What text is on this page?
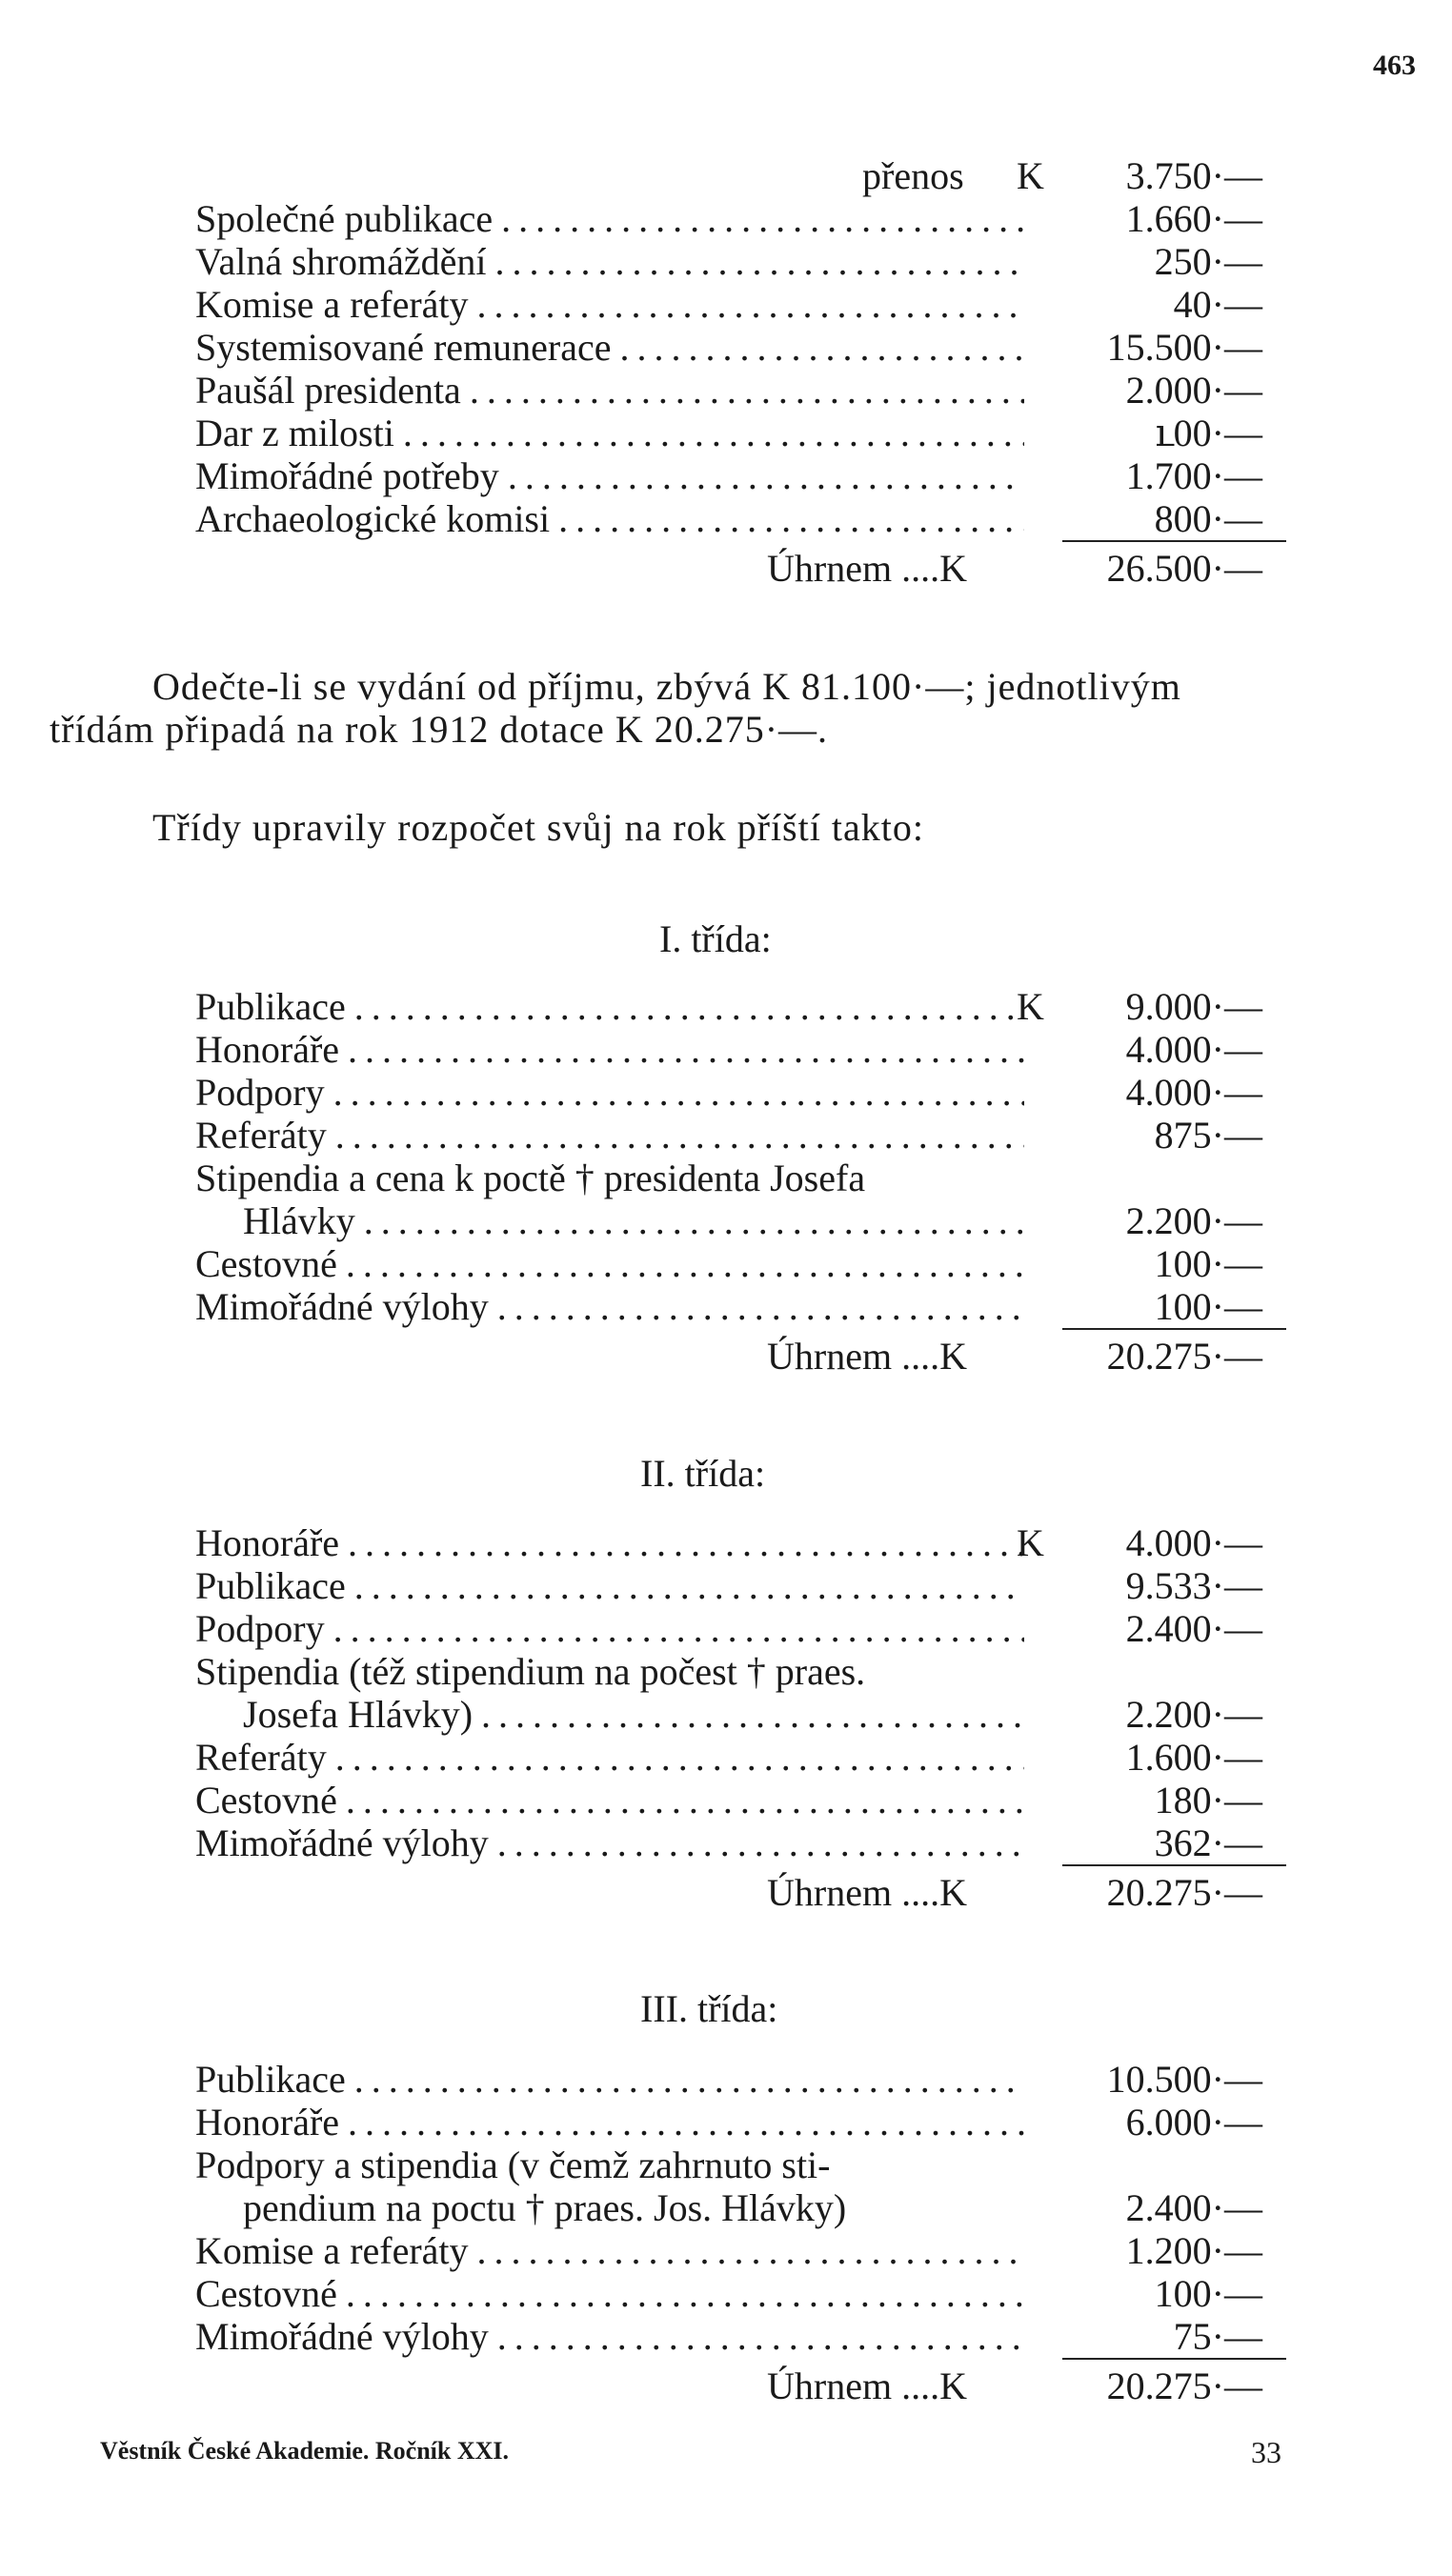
463
přenos K	3.750·—
Společné publikace . . .	1.660·—
Valná shromáždění . . .	250·—
Komise a referáty . . .	40·—
Systemisované remunerace . . .	15.500·—
Paušál presidenta . . .	2.000·—
Dar z milosti . . .	ւ00·—
Mimořádné potřeby . . .	1.700·—
Archaeologické komisi . . .	800·—
Úhrnem ....K	26.500·—
Odečte-li se vydání od příjmu, zbývá K 81.100·—; jednotlivým
třídám připadá na rok 1912 dotace K 20.275·—.
Třídy upravily rozpočet svůj na rok příští takto:
I. třída:
Publikace . . .	K	9.000·—
Honoráře . . .	4.000·—
Podpory . . .	4.000·—
Referáty . . .	875·—
Stipendia a cena k poctě † presidenta Josefa
Hlávky . . .	2.200·—
Cestovné . . .	100·—
Mimořádné výlohy . . .	100·—
Úhrnem ....K	20.275·—
II. třída:
Honoráře . . .	K	4.000·—
Publikace . . .	9.533·—
Podpory . . .	2.400·—
Stipendia (též stipendium na počest † praes.
Josefa Hlávky) . . .	2.200·—
Referáty . . .	1.600·—
Cestovné . . .	180·—
Mimořádné výlohy . . .	362·—
Úhrnem ....K	20.275·—
III. třída:
Publikace . . .	10.500·—
Honoráře . . .	6.000·—
Podpory a stipendia (v čemž zahrnuto sti-
pendium na poctu † praes. Jos. Hlávky)	2.400·—
Komise a referáty . . .	1.200·—
Cestovné . . .	100·—
Mimořádné výlohy . . .	75·—
Úhrnem ....K	20.275·—
Věstník České Akademie. Ročník XXI.	33
